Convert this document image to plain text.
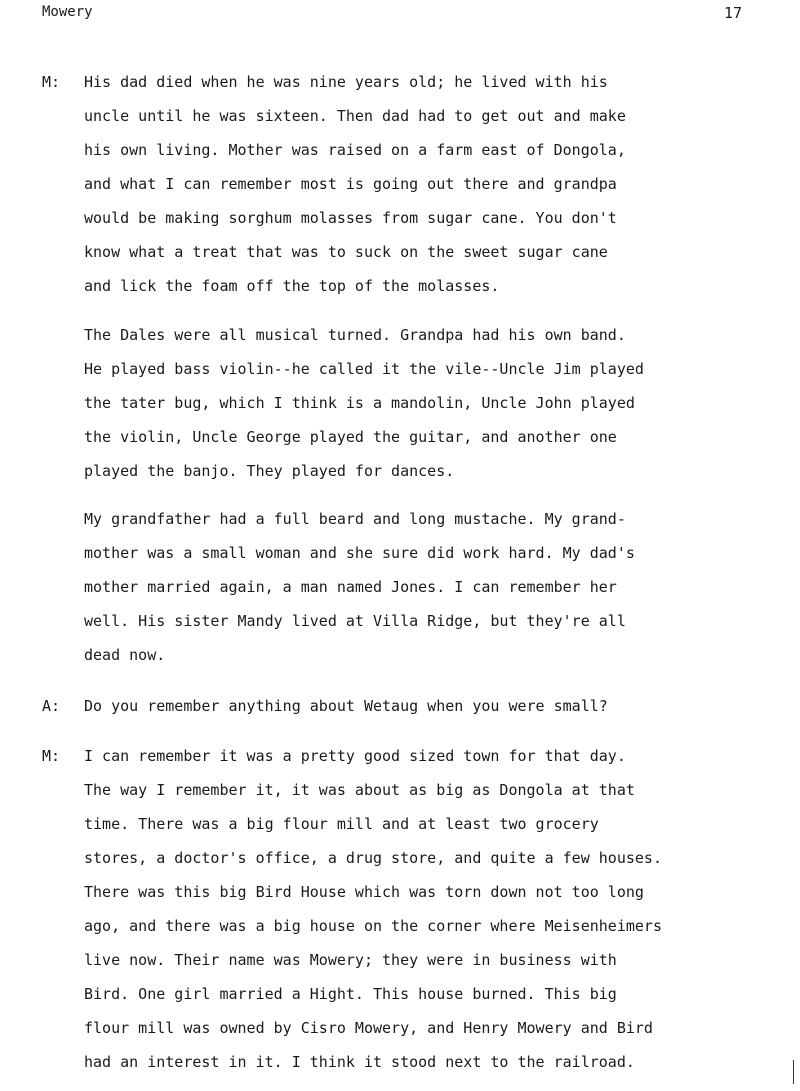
Mowery	17
M: His dad died when he was nine years old; he lived with his
uncle until he was sixteen. Then dad had to get out and make
his own living. Mother was raised on a farm east of Dongola,
and what I can remember most is going out there and grandpa
would be making sorghum molasses from sugar cane. You don't
know what a treat that was to suck on the sweet sugar cane
and lick the foam off the top of the molasses.

The Dales were all musical turned. Grandpa had his own band.
He played bass violin--he called it the vile--Uncle Jim played
the tater bug, which I think is a mandolin, Uncle John played
the violin, Uncle George played the guitar, and another one
played the banjo. They played for dances.

My grandfather had a full beard and long mustache. My grand-
mother was a small woman and she sure did work hard. My dad's
mother married again, a man named Jones. I can remember her
well. His sister Mandy lived at Villa Ridge, but they're all
dead now.

A: Do you remember anything about Wetaug when you were small?

M: I can remember it was a pretty good sized town for that day.
The way I remember it, it was about as big as Dongola at that
time. There was a big flour mill and at least two grocery
stores, a doctor's office, a drug store, and quite a few houses.
There was this big Bird House which was torn down not too long
ago, and there was a big house on the corner where Meisenheimers
live now. Their name was Mowery; they were in business with
Bird. One girl married a Hight. This house burned. This big
flour mill was owned by Cisro Mowery, and Henry Mowery and Bird
had an interest in it. I think it stood next to the railroad.
